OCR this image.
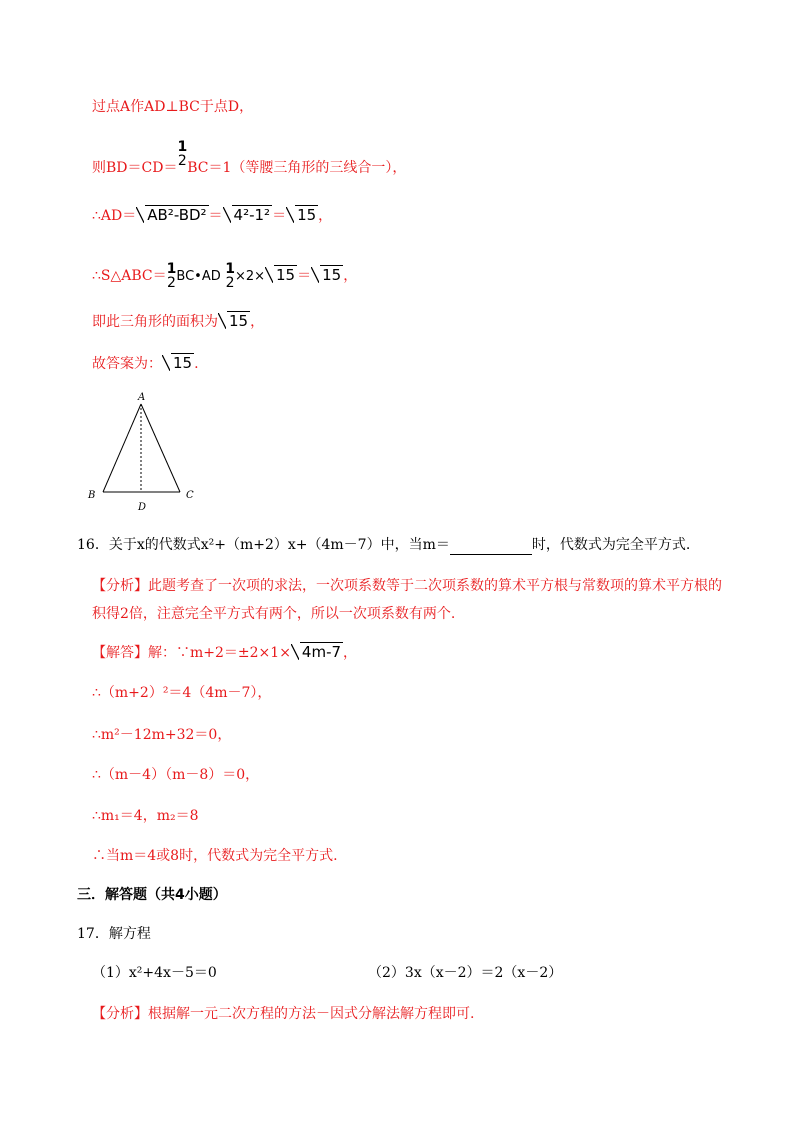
过点A作AD⊥BC于点D，
则BD＝CD＝
1
2 BC＝1（等腰三角形的三线合一），
∴AD＝ AB²-BD² ＝ 4²-1² ＝ 15 ，
∴S△ABC＝ 1
2 BC•AD 1
2 ×2× 15 ＝ 15 ，
即此三角形的面积为 15 ，
故答案为： 15 .
A
B	C
D
16．关于x的代数式x²+（m+2）x+（4m－7）中，当m＝	时，代数式为完全平方式.
【分析】此题考查了一次项的求法，一次项系数等于二次项系数的算术平方根与常数项的算术平方根的
积得2倍，注意完全平方式有两个，所以一次项系数有两个.
【解答】解：∵m+2＝±2×1× 4m-7 ，
∴（m+2）²＝4（4m－7），
∴m²－12m+32＝0，
∴（m－4）（m－8）＝0，
∴m₁＝4，m₂＝8
∴当m＝4或8时，代数式为完全平方式.
三．解答题（共4小题）
17．解方程
（1）x²+4x－5＝0	（2）3x（x－2）＝2（x－2）
【分析】根据解一元二次方程的方法－因式分解法解方程即可.
